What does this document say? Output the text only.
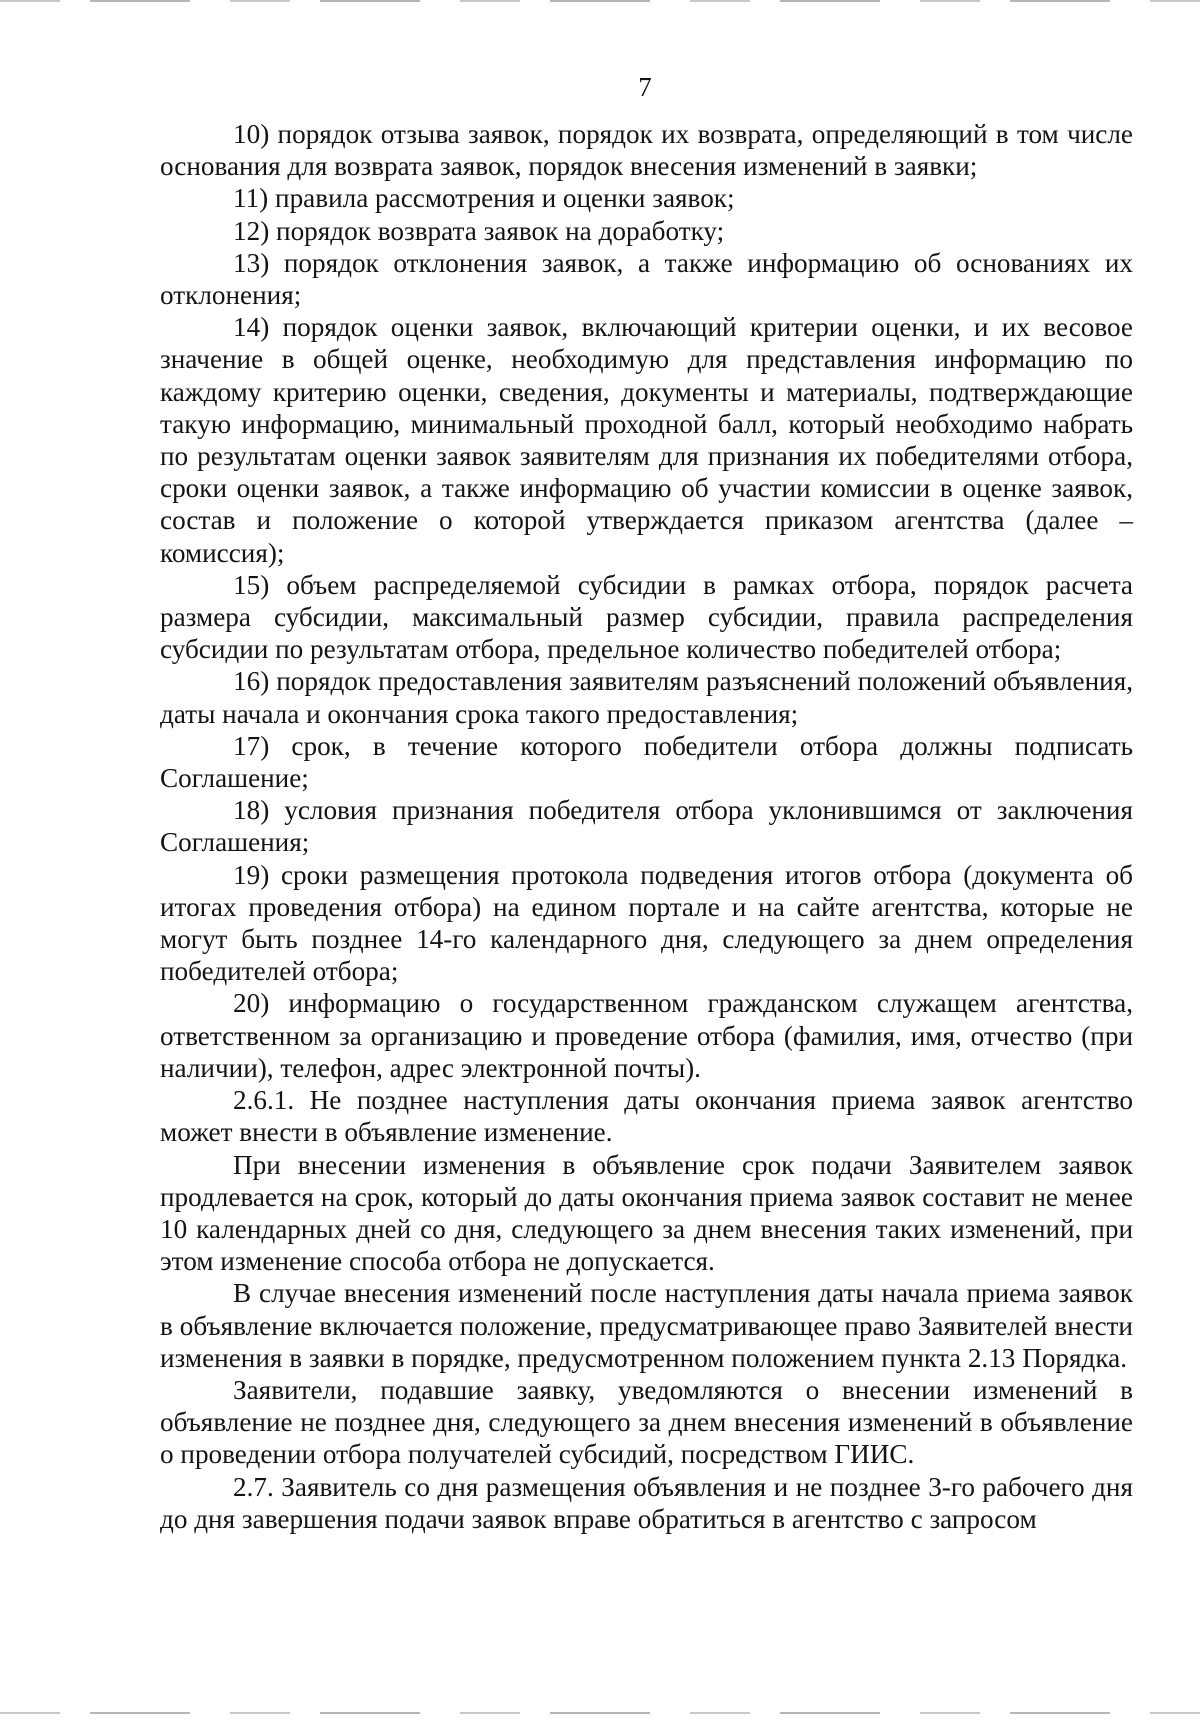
7

10) порядок отзыва заявок, порядок их возврата, определяющий в том числе основания для возврата заявок, порядок внесения изменений в заявки;

11) правила рассмотрения и оценки заявок;

12) порядок возврата заявок на доработку;

13) порядок отклонения заявок, а также информацию об основаниях их отклонения;

14) порядок оценки заявок, включающий критерии оценки, и их весовое значение в общей оценке, необходимую для представления информацию по каждому критерию оценки, сведения, документы и материалы, подтверждающие такую информацию, минимальный проходной балл, который необходимо набрать по результатам оценки заявок заявителям для признания их победителями отбора, сроки оценки заявок, а также информацию об участии комиссии в оценке заявок, состав и положение о которой утверждается приказом агентства (далее – комиссия);

15) объем распределяемой субсидии в рамках отбора, порядок расчета размера субсидии, максимальный размер субсидии, правила распределения субсидии по результатам отбора, предельное количество победителей отбора;

16) порядок предоставления заявителям разъяснений положений объявления, даты начала и окончания срока такого предоставления;

17) срок, в течение которого победители отбора должны подписать Соглашение;

18) условия признания победителя отбора уклонившимся от заключения Соглашения;

19) сроки размещения протокола подведения итогов отбора (документа об итогах проведения отбора) на едином портале и на сайте агентства, которые не могут быть позднее 14-го календарного дня, следующего за днем определения победителей отбора;

20) информацию о государственном гражданском служащем агентства, ответственном за организацию и проведение отбора (фамилия, имя, отчество (при наличии), телефон, адрес электронной почты).

2.6.1. Не позднее наступления даты окончания приема заявок агентство может внести в объявление изменение.

При внесении изменения в объявление срок подачи Заявителем заявок продлевается на срок, который до даты окончания приема заявок составит не менее 10 календарных дней со дня, следующего за днем внесения таких изменений, при этом изменение способа отбора не допускается.

В случае внесения изменений после наступления даты начала приема заявок в объявление включается положение, предусматривающее право Заявителей внести изменения в заявки в порядке, предусмотренном положением пункта 2.13 Порядка.

Заявители, подавшие заявку, уведомляются о внесении изменений в объявление не позднее дня, следующего за днем внесения изменений в объявление о проведении отбора получателей субсидий, посредством ГИИС.

2.7. Заявитель со дня размещения объявления и не позднее 3-го рабочего дня до дня завершения подачи заявок вправе обратиться в агентство с запросом
